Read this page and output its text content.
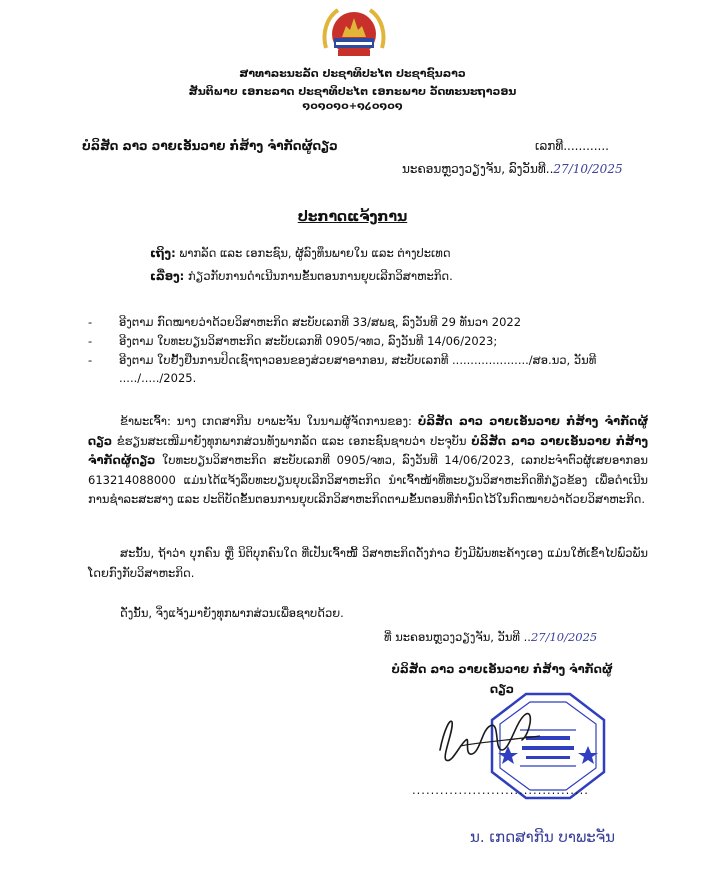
ສາທາລະນະລັດ ປະຊາທິປະໄຕ ປະຊາຊົນລາວ
ສັນຕິພາບ ເອກະລາດ ປະຊາທິປະໄຕ ເອກະພາບ ວັດທະນະຖາວອນ
໑໐໑໐໑໐+໑໒໐໑໐໑
ບໍລິສັດ ລາວ ວາຍເອັນວາຍ ກໍ່ສ້າງ ຈຳກັດຜູ້ດຽວ	ເລກທີ............
ນະຄອນຫຼວງວຽງຈັນ, ລົງວັນທີ..27/10/2025
ປະກາດແຈ້ງການ
ເຖິງ: ພາກລັດ ແລະ ເອກະຊົນ, ຜູ້ລົງທຶນພາຍໃນ ແລະ ຕ່າງປະເທດ
ເລື່ອງ: ກ່ຽວກັບການດຳເນີນການຂັ້ນຕອນການຍຸບເລີກວິສາຫະກິດ.
- ອີງຕາມ ກົດໝາຍວ່າດ້ວຍວິສາຫະກິດ ສະບັບເລກທີ 33/ສພຊ, ລົງວັນທີ 29 ທັນວາ 2022
- ອີງຕາມ ໃບທະບຽນວິສາຫະກິດ ສະບັບເລກທີ 0905/ຈທວ, ລົງວັນທີ 14/06/2023;
- ອີງຕາມ ໃບຢັ້ງຢືນການປິດເຊົາຖາວອນຂອງສ່ວຍສາອາກອນ, ສະບັບເລກທີ ...................../ສອ.ນວ, ວັນທີ ...../...../2025.
ຂ້າພະເຈົ້າ: ນາງ ເກດສາກີນ ບາພະຈັນ ໃນນາມຜູ້ຈັດການຂອງ: ບໍລິສັດ ລາວ ວາຍເອັນວາຍ ກໍ່ສ້າງ ຈຳກັດຜູ້ດຽວ ຂໍຮຽນສະເໜີມາຍັງທຸກພາກສ່ວນທັງພາກລັດ ແລະ ເອກະຊົນຊາບວ່າ ປະຈຸບັນ ບໍລິສັດ ລາວ ວາຍເອັນວາຍ ກໍ່ສ້າງ ຈຳກັດຜູ້ດຽວ ໃບທະບຽນວິສາຫະກິດ ສະບັບເລກທີ 0905/ຈທວ, ລົງວັນທີ 14/06/2023, ເລກປະຈຳຕົວຜູ້ເສຍອາກອນ 613214088000 ແມ່ນໄດ້ແຈ້ງລຶບທະບຽນຍຸບເລີກວິສາຫະກິດ ນຳເຈົ້າໜ້າທີ່ທະບຽນວິສາຫະກິດທີ່ກ່ຽວຂ້ອງ ເພື່ອດຳເນີນການຊຳລະສະສາງ ແລະ ປະຕິບັດຂັ້ນຕອນການຍຸບເລີກວິສາຫະກິດຕາມຂັ້ນຕອນທີ່ກຳນົດໄວ້ໃນກົດໝາຍວ່າດ້ວຍວິສາຫະກິດ.
ສະນັ້ນ, ຖ້າວ່າ ບຸກຄົນ ຫຼື ນິຕິບຸກຄົນໃດ ທີ່ເປັນເຈົ້າໜີ້ ວິສາຫະກິດດັ່ງກ່າວ ຍັງມີພັນທະຄ້າງເອງ ແມ່ນໃຫ້ເຂົ້າໄປພົວພັນໂດຍກົງກັບວິສາຫະກິດ.
ດັ່ງນັ້ນ, ຈິ່ງແຈ້ງມາຍັງທຸກພາກສ່ວນເພື່ອຊາບດ້ວຍ.
ທີ່ ນະຄອນຫຼວງວຽງຈັນ, ວັນທີ ..27/10/2025
ບໍລິສັດ ລາວ ວາຍເອັນວາຍ ກໍ່ສ້າງ ຈຳກັດຜູ້ດຽວ
......................................
ນ. ເກດສາກີນ ບາພະຈັນ
